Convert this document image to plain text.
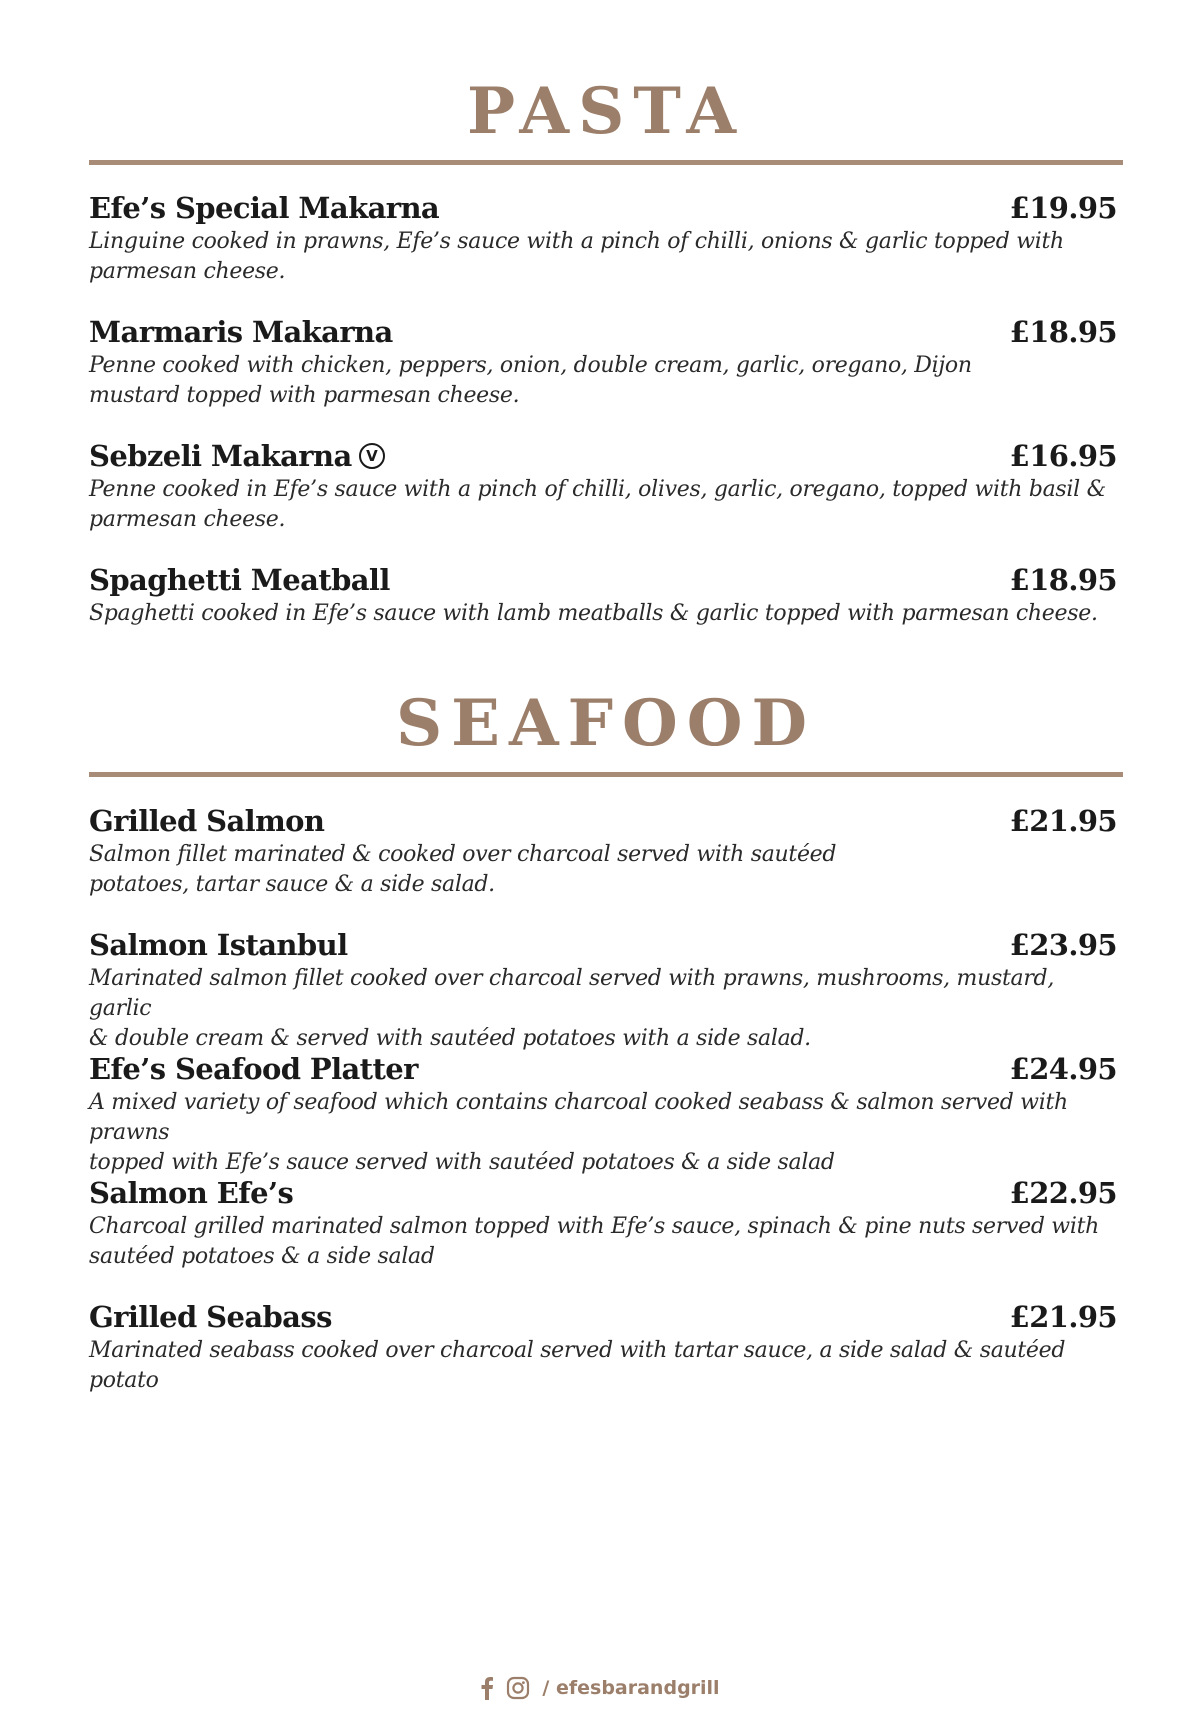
PASTA
Efe’s Special Makarna	£19.95
Linguine cooked in prawns, Efe’s sauce with a pinch of chilli, onions & garlic topped with
parmesan cheese.
Marmaris Makarna	£18.95
Penne cooked with chicken, peppers, onion, double cream, garlic, oregano, Dijon
mustard topped with parmesan cheese.
Sebzeli Makarna V	£16.95
Penne cooked in Efe’s sauce with a pinch of chilli, olives, garlic, oregano, topped with basil &
parmesan cheese.
Spaghetti Meatball	£18.95
Spaghetti cooked in Efe’s sauce with lamb meatballs & garlic topped with parmesan cheese.
SEAFOOD
Grilled Salmon	£21.95
Salmon fillet marinated & cooked over charcoal served with sautéed
potatoes, tartar sauce & a side salad.
Salmon Istanbul	£23.95
Marinated salmon fillet cooked over charcoal served with prawns, mushrooms, mustard, garlic
& double cream & served with sautéed potatoes with a side salad.
Efe’s Seafood Platter	£24.95
A mixed variety of seafood which contains charcoal cooked seabass & salmon served with prawns
topped with Efe’s sauce served with sautéed potatoes & a side salad
Salmon Efe’s	£22.95
Charcoal grilled marinated salmon topped with Efe’s sauce, spinach & pine nuts served with
sautéed potatoes & a side salad
Grilled Seabass	£21.95
Marinated seabass cooked over charcoal served with tartar sauce, a side salad & sautéed potato
/ efesbarandgrill
